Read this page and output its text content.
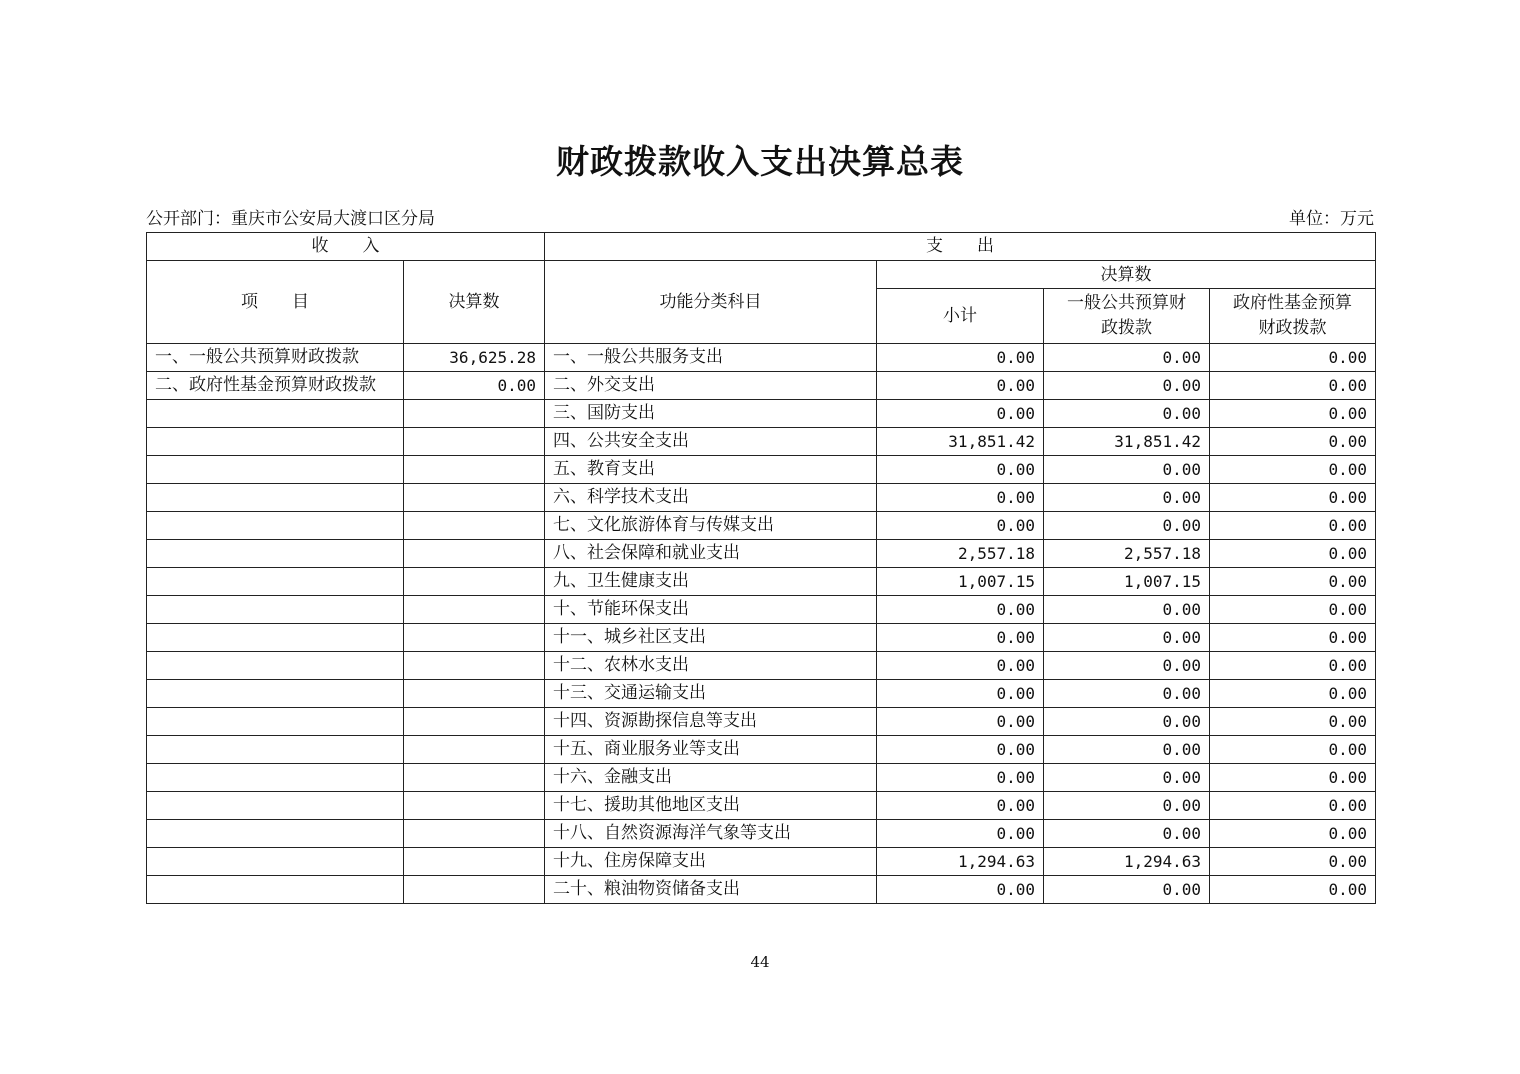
财政拨款收入支出决算总表
公开部门：重庆市公安局大渡口区分局	单位：万元
收　　入		支　　出			
项　　目	决算数	功能分类科目	决算数		
			小计	一般公共预算财政拨款	政府性基金预算财政拨款

一、一般公共预算财政拨款	36,625.28	一、一般公共服务支出	0.00	0.00	0.00
二、政府性基金预算财政拨款	0.00	二、外交支出	0.00	0.00	0.00
		三、国防支出	0.00	0.00	0.00
		四、公共安全支出	31,851.42	31,851.42	0.00
		五、教育支出	0.00	0.00	0.00
		六、科学技术支出	0.00	0.00	0.00
		七、文化旅游体育与传媒支出	0.00	0.00	0.00
		八、社会保障和就业支出	2,557.18	2,557.18	0.00
		九、卫生健康支出	1,007.15	1,007.15	0.00
		十、节能环保支出	0.00	0.00	0.00
		十一、城乡社区支出	0.00	0.00	0.00
		十二、农林水支出	0.00	0.00	0.00
		十三、交通运输支出	0.00	0.00	0.00
		十四、资源勘探信息等支出	0.00	0.00	0.00
		十五、商业服务业等支出	0.00	0.00	0.00
		十六、金融支出	0.00	0.00	0.00
		十七、援助其他地区支出	0.00	0.00	0.00
		十八、自然资源海洋气象等支出	0.00	0.00	0.00
		十九、住房保障支出	1,294.63	1,294.63	0.00
		二十、粮油物资储备支出	0.00	0.00	0.00
44
